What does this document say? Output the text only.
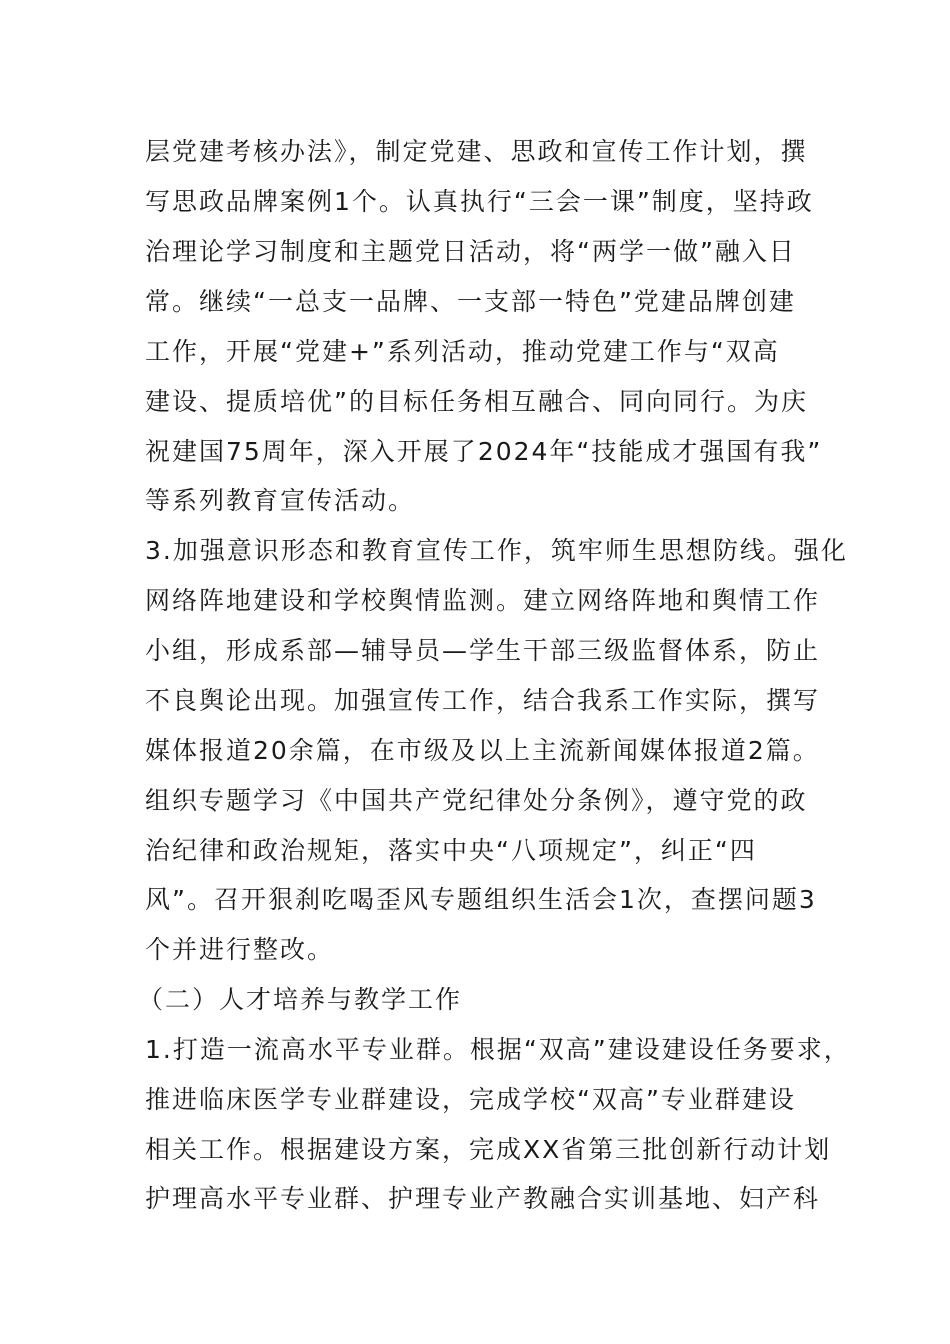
层党建考核办法》，制定党建、思政和宣传工作计划，撰
写思政品牌案例1个。认真执行“三会一课”制度，坚持政
治理论学习制度和主题党日活动，将“两学一做”融入日
常。继续“一总支一品牌、一支部一特色”党建品牌创建
工作，开展“党建+”系列活动，推动党建工作与“双高
建设、提质培优”的目标任务相互融合、同向同行。为庆
祝建国75周年，深入开展了2024年“技能成才强国有我”
等系列教育宣传活动。
3.加强意识形态和教育宣传工作，筑牢师生思想防线。强化
网络阵地建设和学校舆情监测。建立网络阵地和舆情工作
小组，形成系部—辅导员—学生干部三级监督体系，防止
不良舆论出现。加强宣传工作，结合我系工作实际，撰写
媒体报道20余篇，在市级及以上主流新闻媒体报道2篇。
组织专题学习《中国共产党纪律处分条例》，遵守党的政
治纪律和政治规矩，落实中央“八项规定”，纠正“四
风”。召开狠刹吃喝歪风专题组织生活会1次，查摆问题3
个并进行整改。
（二）人才培养与教学工作
1.打造一流高水平专业群。根据“双高”建设建设任务要求，
推进临床医学专业群建设，完成学校“双高”专业群建设
相关工作。根据建设方案，完成XX省第三批创新行动计划
护理高水平专业群、护理专业产教融合实训基地、妇产科
